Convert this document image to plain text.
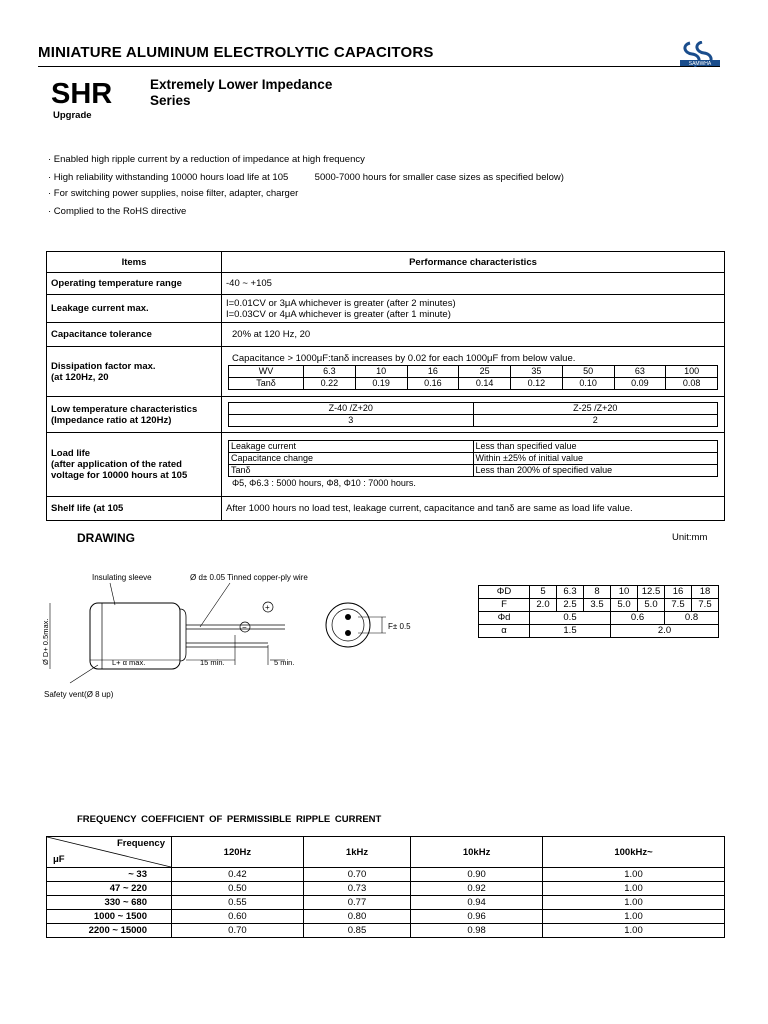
MINIATURE ALUMINUM ELECTROLYTIC CAPACITORS
SAMWHA
SHR
Upgrade
Extremely Lower Impedance
Series
· Enabled high ripple current by a reduction of impedance at high frequency
· High reliability withstanding 10000 hours load life at 105          5000-7000 hours for smaller case sizes as specified below)
· For switching power supplies, noise filter, adapter, charger
· Complied to the RoHS directive
Items	Performance characteristics
Operating temperature range	-40 ~ +105
Leakage current max.	I=0.01CV or 3μA whichever is greater (after 2 minutes)
I=0.03CV or 4μA whichever is greater (after 1 minute)

Capacitance tolerance	20% at 120 Hz, 20

Dissipation factor max.
(at 120Hz, 20

Capacitance > 1000μF:tanδ increases by 0.02 for each 1000μF from below value.
WV	6.3	10	16	25	35	50	63	100
Tanδ	0.22	0.19	0.16	0.14	0.12	0.10	0.09	0.08

Low temperature characteristics
(Impedance ratio at 120Hz)

Z-40 /Z+20	Z-25 /Z+20
3	2

Load life
(after application of the rated
voltage for 10000 hours at 105

Leakage current	Less than specified value
Capacitance change	Within ±25% of initial value
Tanδ	Less than 200% of specified value
Φ5, Φ6.3 : 5000 hours, Φ8, Φ10 : 7000 hours.

Shelf life (at 105	After 1000 hours no load test, leakage current, capacitance and tanδ are same as load life value.
DRAWING	Unit:mm
Insulating sleeve	Ø d± 0.05 Tinned copper-ply wire
Ø D+ 0.5max.	L+ α max.	15 min.	5 min.
Safety vent(Ø 8 up)
+
−	F± 0.5
ΦD	5	6.3	8	10	12.5	16	18
F	2.0	2.5	3.5	5.0	5.0	7.5	7.5
Φd	0.5			0.6		0.8	
α	1.5			2.0			
FREQUENCY COEFFICIENT OF PERMISSIBLE RIPPLE CURRENT
Frequency
μF	120Hz	1kHz	10kHz	100kHz~
~ 33	0.42	0.70	0.90	1.00
47 ~ 220	0.50	0.73	0.92	1.00
330 ~ 680	0.55	0.77	0.94	1.00
1000 ~ 1500	0.60	0.80	0.96	1.00
2200 ~ 15000	0.70	0.85	0.98	1.00
